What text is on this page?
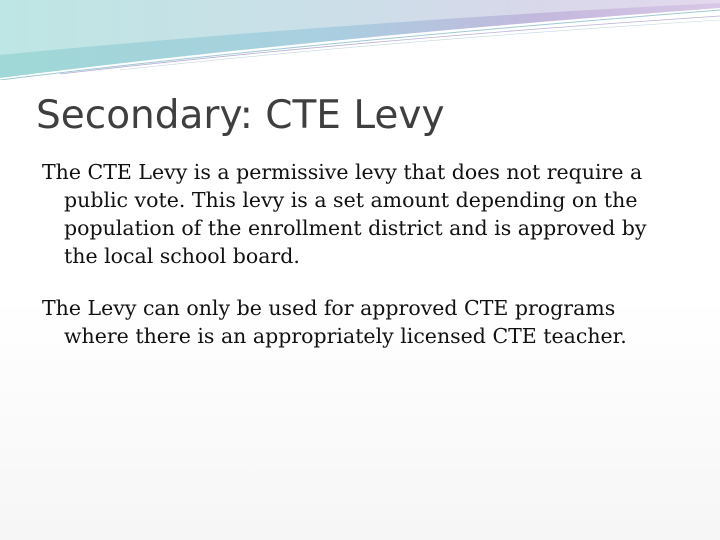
Secondary: CTE Levy

The CTE Levy is a permissive levy that does not require a public vote. This levy is a set amount depending on the population of the enrollment district and is approved by the local school board.

The Levy can only be used for approved CTE programs where there is an appropriately licensed CTE teacher.
